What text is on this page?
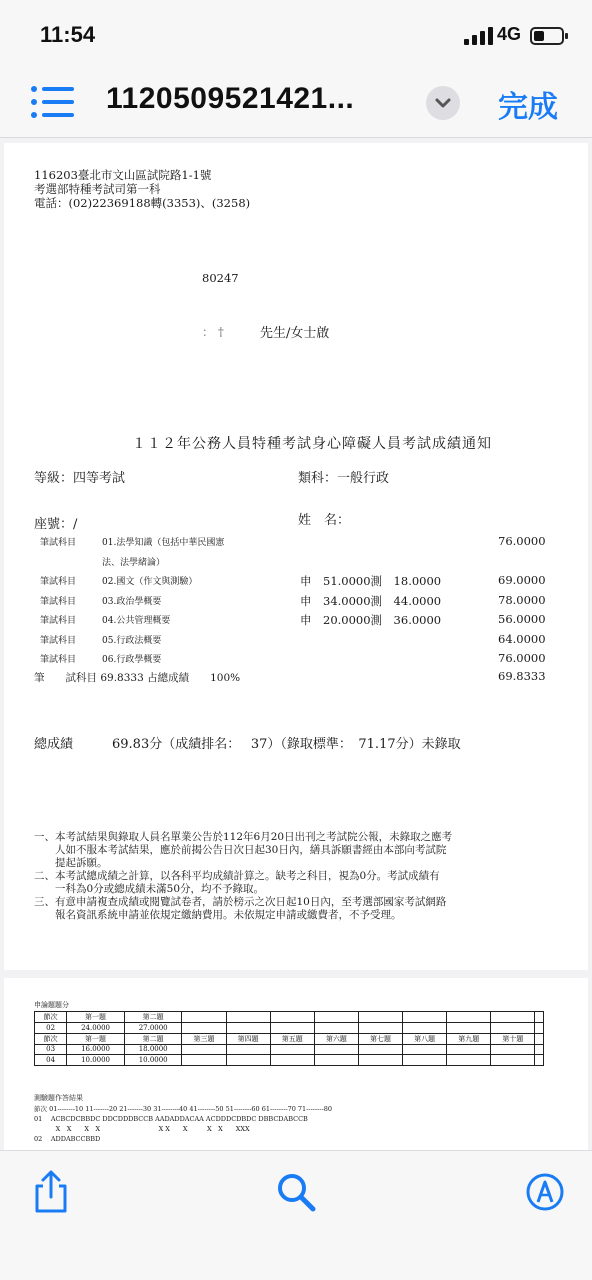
11:54	4G
1120509521421...	完成
116203臺北市文山區試院路1-1號
考選部特種考試司第一科
電話：(02)22369188轉(3353)、(3258)
80247
： †	先生/女士啟
１１２年公務人員特種考試身心障礙人員考試成績通知
等級：四等考試	類科：一般行政
座號：/	姓　名：
筆試科目	01.法學知識（包括中華民國憲
法、法學緒論）
76.0000
筆試科目	02.國文（作文與測驗）	申　51.0000測　18.0000	69.0000
筆試科目	03.政治學概要	申　34.0000測　44.0000	78.0000
筆試科目	04.公共管理概要	申　20.0000測　36.0000	56.0000
筆試科目	05.行政法概要	64.0000
筆試科目	06.行政學概要	76.0000
筆　　試科目 69.8333 占總成績　　100%	69.8333
總成績　　　69.83分（成績排名：　 37）（錄取標準：　71.17分）未錄取
一、本考試結果與錄取人員名單業公告於112年6月20日出刊之考試院公報，未錄取之應考
　　人如不服本考試結果，應於前揭公告日次日起30日內，繕具訴願書經由本部向考試院
　　提起訴願。
二、本考試總成績之計算，以各科平均成績計算之。缺考之科目，視為0分。考試成績有
　　一科為0分或總成績未滿50分，均不予錄取。
三、有意申請複查成績或閱覽試卷者，請於榜示之次日起10日內，至考選部國家考試網路
　　報名資訊系統申請並依規定繳納費用。未依規定申請或繳費者，不予受理。
申論題題分
節次	第一題	第二題									
02	24.0000	27.0000									
節次	第一題	第二題	第三題	第四題	第五題	第六題	第七題	第八題	第九題	第十題	
03	16.0000	18.0000									
04	10.0000	10.0000									
測驗題作答結果
節次 01--------10 11-------20 21-------30 31--------40 41--------50 51--------60 61--------70 71--------80
01　 ACBCDCBBDC DDCDDDBCCB AADADDACAA ACDDDCDBDC DBBCDABCCB
　　　 X　X　　X　X　　　　　　　　　X X　　X　　　X　X　　XXX
02　 ADDABCCBBD
